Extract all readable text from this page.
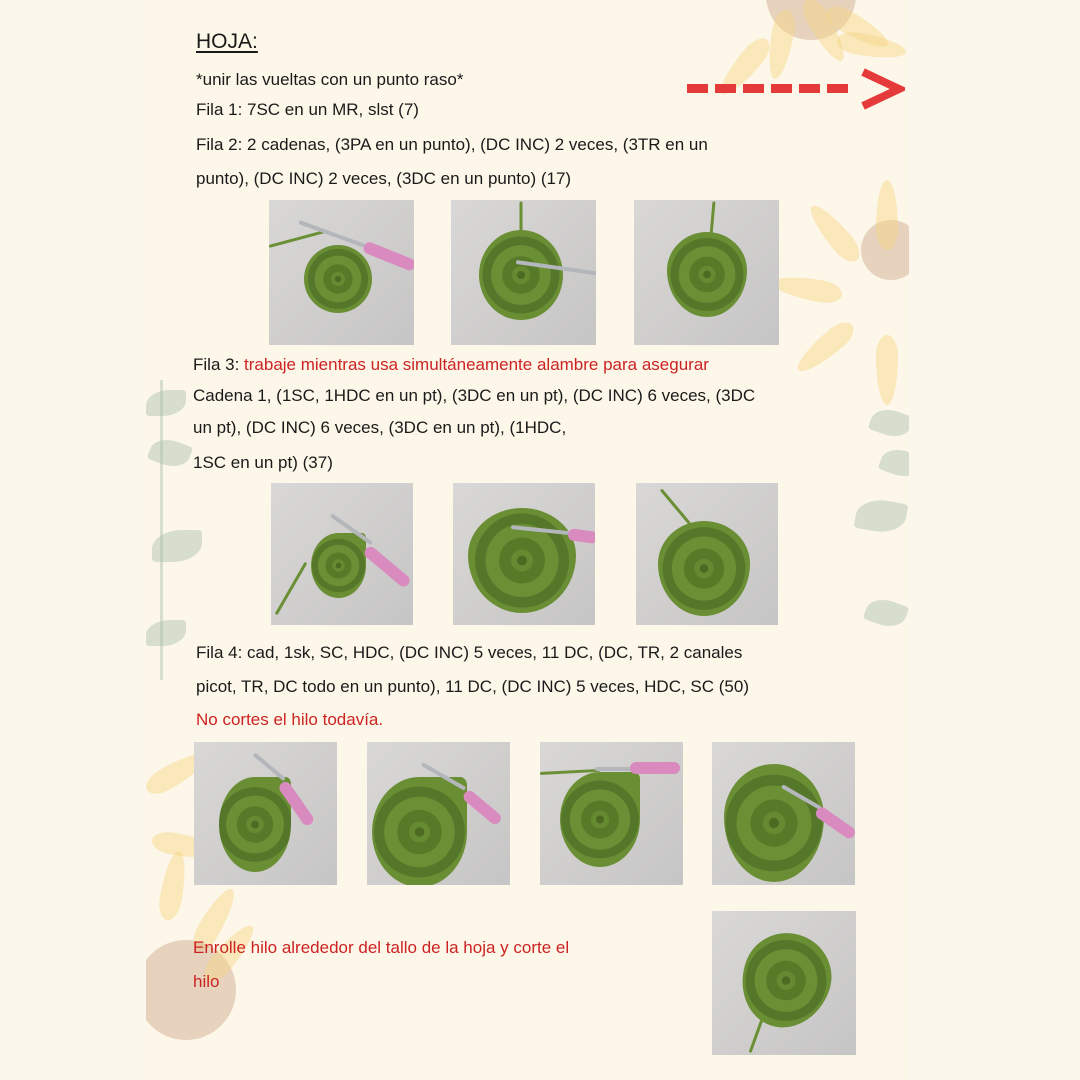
HOJA:
*unir las vueltas con un punto raso*
Fila 1: 7SC en un MR, slst (7)
Fila 2: 2 cadenas, (3PA en un punto), (DC INC) 2 veces, (3TR en un
punto), (DC INC) 2 veces, (3DC en un punto) (17)
Fila 3: trabaje mientras usa simultáneamente alambre para asegurar
Cadena 1, (1SC, 1HDC en un pt), (3DC en un pt), (DC INC) 6 veces, (3DC
un pt), (DC INC) 6 veces, (3DC en un pt), (1HDC,
1SC en un pt) (37)
Fila 4: cad, 1sk, SC, HDC, (DC INC) 5 veces, 11 DC, (DC, TR, 2 canales
picot, TR, DC todo en un punto), 11 DC, (DC INC) 5 veces, HDC, SC (50)
No cortes el hilo todavía.
Enrolle hilo alrededor del tallo de la hoja y corte el
hilo
